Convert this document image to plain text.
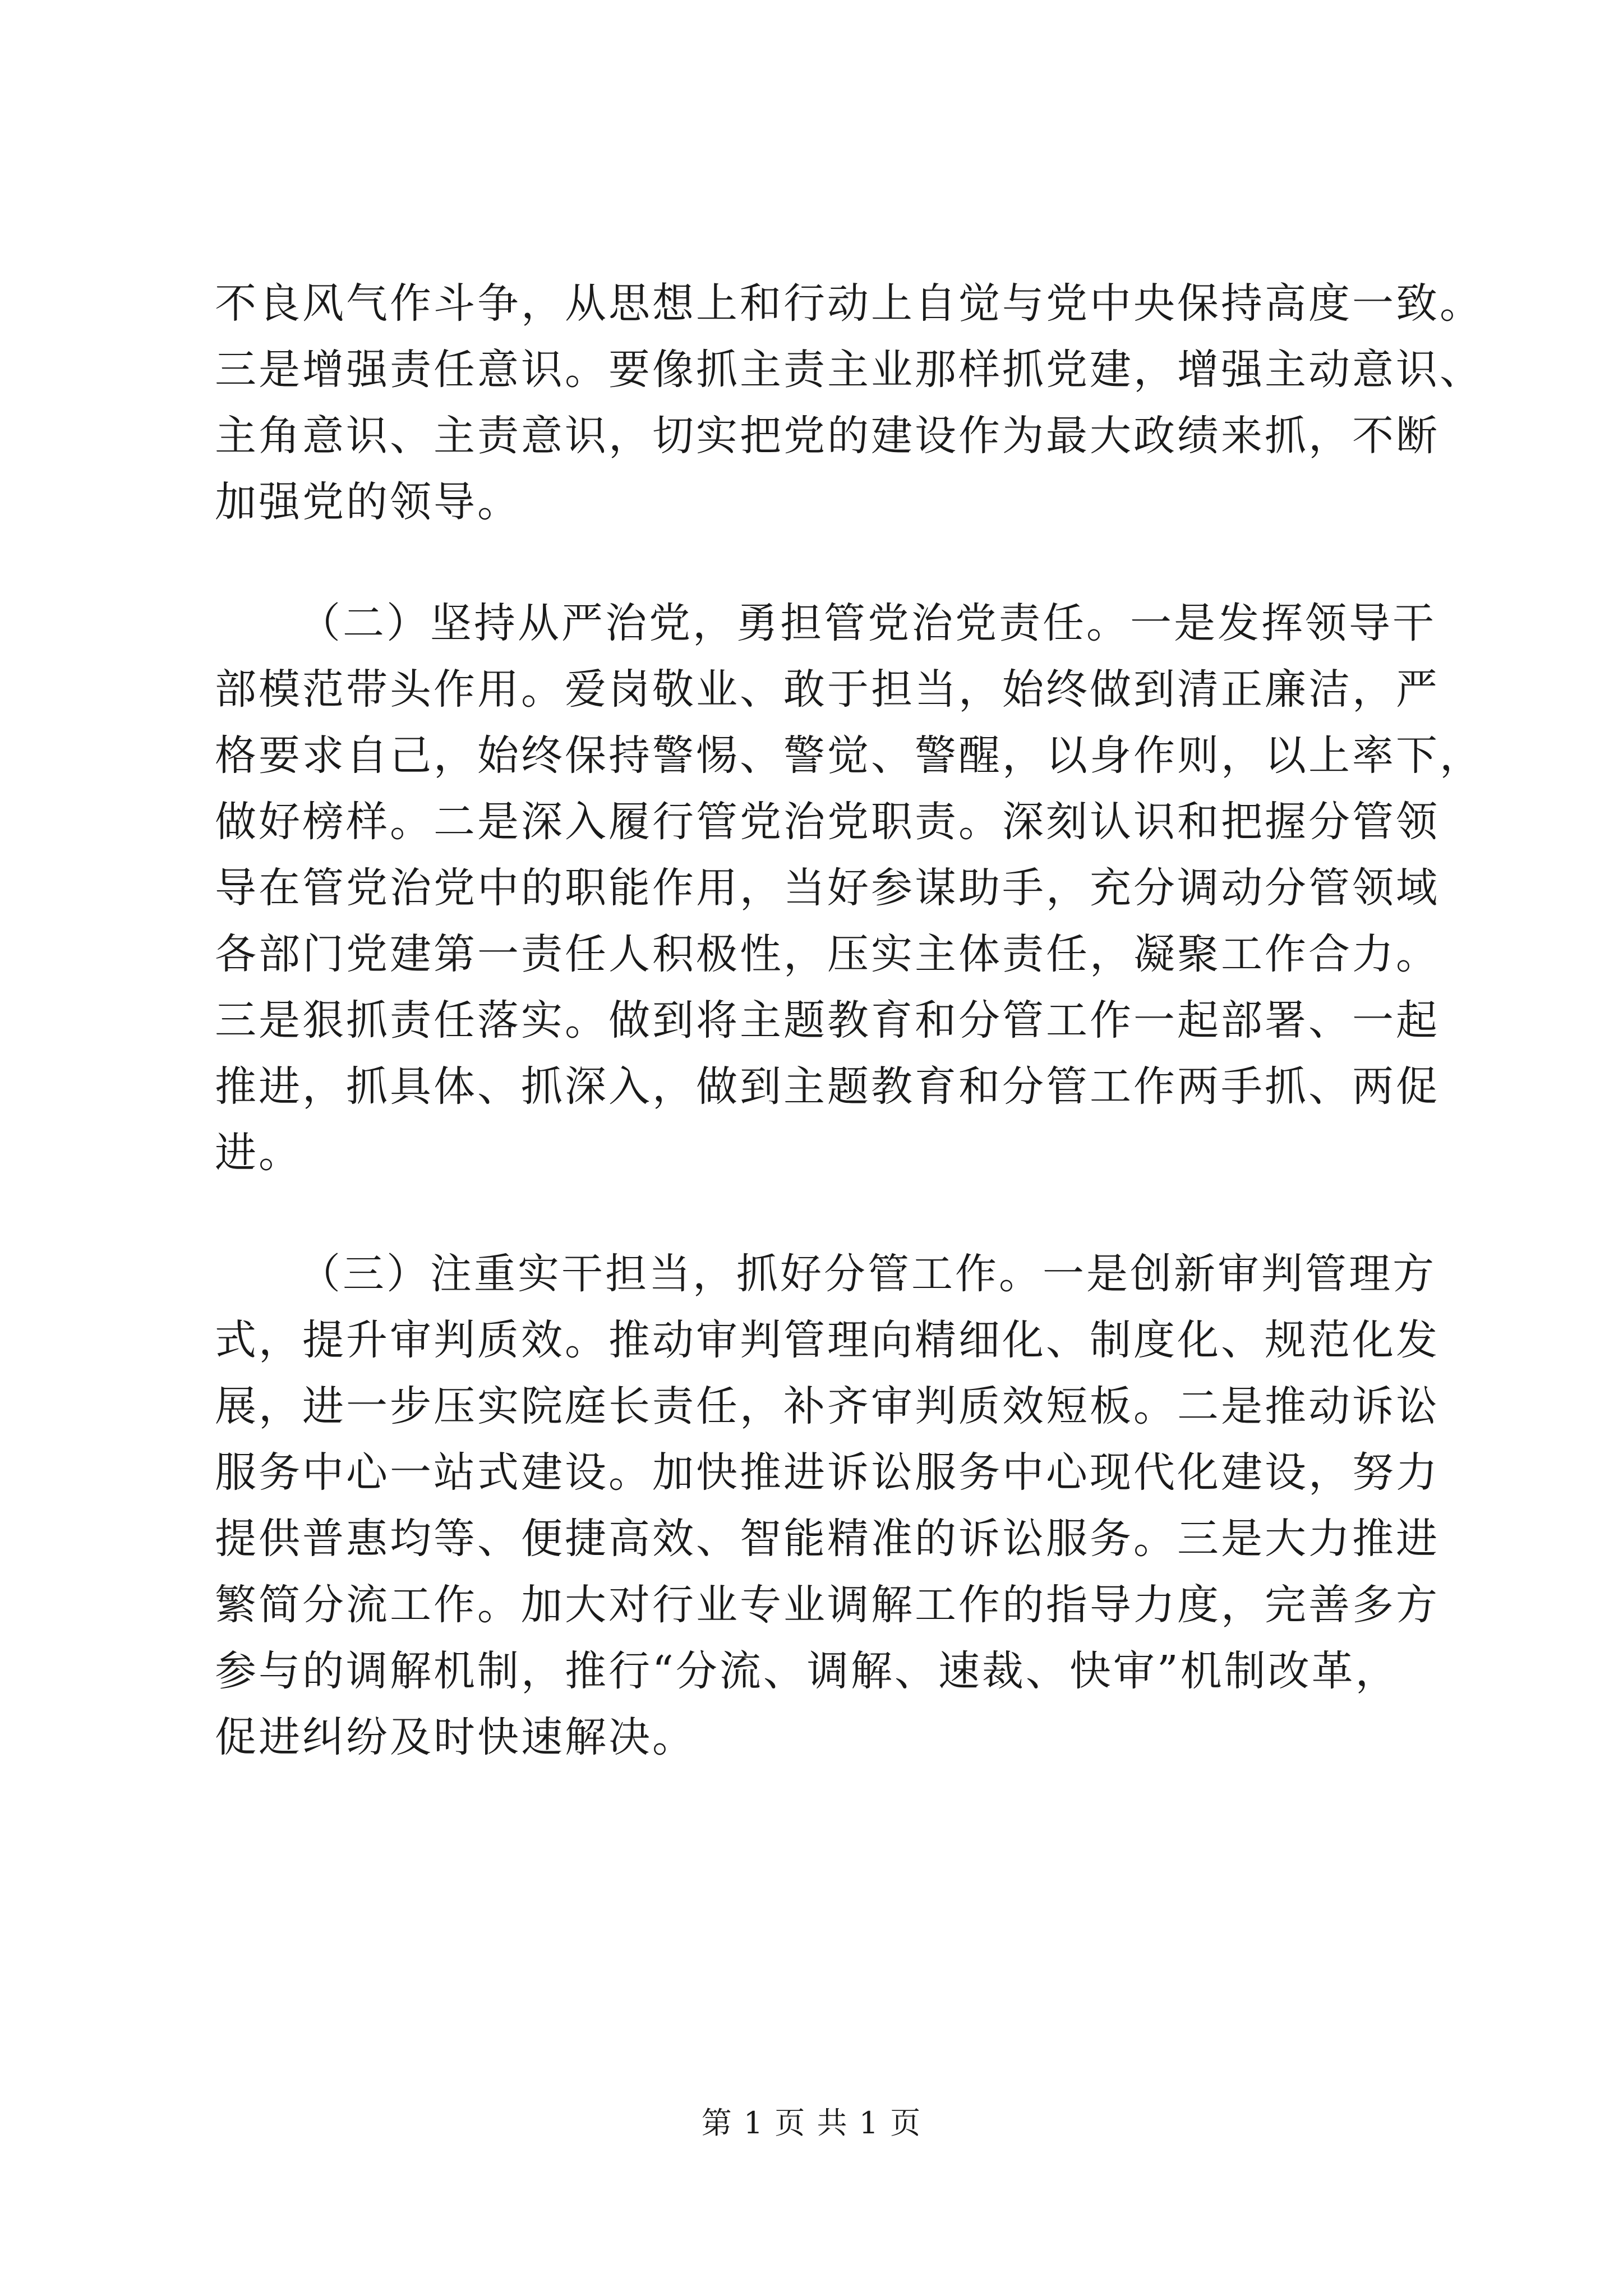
不良风气作斗争，从思想上和行动上自觉与党中央保持高度一致。
三是增强责任意识。要像抓主责主业那样抓党建，增强主动意识、
主角意识、主责意识，切实把党的建设作为最大政绩来抓，不断
加强党的领导。
（二）坚持从严治党，勇担管党治党责任。一是发挥领导干
部模范带头作用。爱岗敬业、敢于担当，始终做到清正廉洁，严
格要求自己，始终保持警惕、警觉、警醒，以身作则，以上率下，
做好榜样。二是深入履行管党治党职责。深刻认识和把握分管领
导在管党治党中的职能作用，当好参谋助手，充分调动分管领域
各部门党建第一责任人积极性，压实主体责任，凝聚工作合力。
三是狠抓责任落实。做到将主题教育和分管工作一起部署、一起
推进，抓具体、抓深入，做到主题教育和分管工作两手抓、两促
进。
（三）注重实干担当，抓好分管工作。一是创新审判管理方
式，提升审判质效。推动审判管理向精细化、制度化、规范化发
展，进一步压实院庭长责任，补齐审判质效短板。二是推动诉讼
服务中心一站式建设。加快推进诉讼服务中心现代化建设，努力
提供普惠均等、便捷高效、智能精准的诉讼服务。三是大力推进
繁简分流工作。加大对行业专业调解工作的指导力度，完善多方
参与的调解机制，推行“分流、调解、速裁、快审”机制改革，
促进纠纷及时快速解决。
第 1 页 共 1 页
